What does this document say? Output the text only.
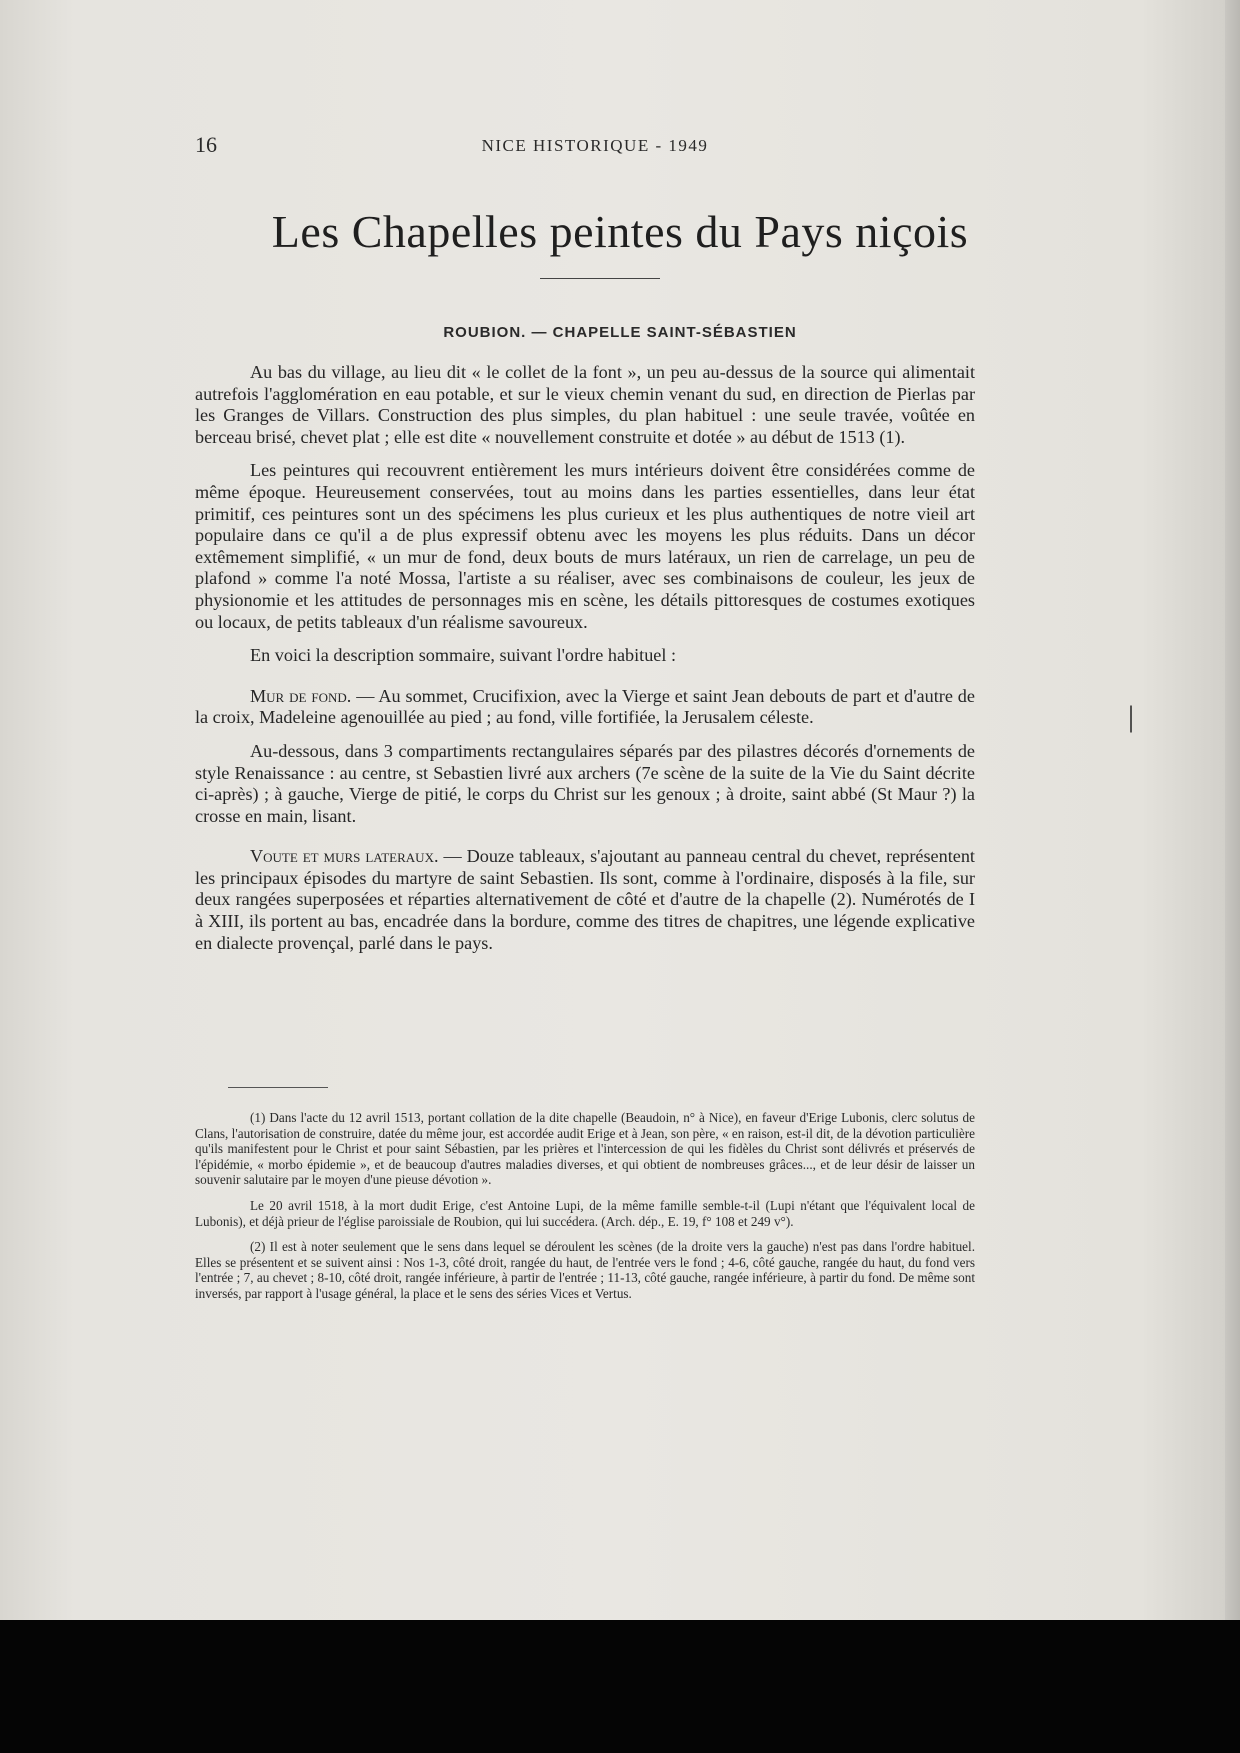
16	NICE HISTORIQUE - 1949
Les Chapelles peintes du Pays niçois
ROUBION. — CHAPELLE SAINT-SÉBASTIEN

Au bas du village, au lieu dit « le collet de la font », un peu au-dessus de la source qui alimentait autrefois l'agglomération en eau potable, et sur le vieux chemin venant du sud, en direction de Pierlas par les Granges de Villars. Construction des plus simples, du plan habituel : une seule travée, voûtée en berceau brisé, chevet plat ; elle est dite « nouvellement construite et dotée » au début de 1513 (1).

Les peintures qui recouvrent entièrement les murs intérieurs doivent être considérées comme de même époque. Heureusement conservées, tout au moins dans les parties essentielles, dans leur état primitif, ces peintures sont un des spécimens les plus curieux et les plus authentiques de notre vieil art populaire dans ce qu'il a de plus expressif obtenu avec les moyens les plus réduits. Dans un décor extêmement simplifié, « un mur de fond, deux bouts de murs latéraux, un rien de carrelage, un peu de plafond » comme l'a noté Mossa, l'artiste a su réaliser, avec ses combinaisons de couleur, les jeux de physionomie et les attitudes de personnages mis en scène, les détails pittoresques de costumes exotiques ou locaux, de petits tableaux d'un réalisme savoureux.

En voici la description sommaire, suivant l'ordre habituel :

Mur de fond. — Au sommet, Crucifixion, avec la Vierge et saint Jean debouts de part et d'autre de la croix, Madeleine agenouillée au pied ; au fond, ville fortifiée, la Jerusalem céleste.

Au-dessous, dans 3 compartiments rectangulaires séparés par des pilastres décorés d'ornements de style Renaissance : au centre, st Sebastien livré aux archers (7e scène de la suite de la Vie du Saint décrite ci-après) ; à gauche, Vierge de pitié, le corps du Christ sur les genoux ; à droite, saint abbé (St Maur ?) la crosse en main, lisant.

Voute et murs lateraux. — Douze tableaux, s'ajoutant au panneau central du chevet, représentent les principaux épisodes du martyre de saint Sebastien. Ils sont, comme à l'ordinaire, disposés à la file, sur deux rangées superposées et réparties alternativement de côté et d'autre de la chapelle (2). Numérotés de I à XIII, ils portent au bas, encadrée dans la bordure, comme des titres de chapitres, une légende explicative en dialecte provençal, parlé dans le pays.

(1) Dans l'acte du 12 avril 1513, portant collation de la dite chapelle (Beaudoin, n° à Nice), en faveur d'Erige Lubonis, clerc solutus de Clans, l'autorisation de construire, datée du même jour, est accordée audit Erige et à Jean, son père, « en raison, est-il dit, de la dévotion particulière qu'ils manifestent pour le Christ et pour saint Sébastien, par les prières et l'intercession de qui les fidèles du Christ sont délivrés et préservés de l'épidémie, « morbo épidemie », et de beaucoup d'autres maladies diverses, et qui obtient de nombreuses grâces..., et de leur désir de laisser un souvenir salutaire par le moyen d'une pieuse dévotion ».

Le 20 avril 1518, à la mort dudit Erige, c'est Antoine Lupi, de la même famille semble-t-il (Lupi n'étant que l'équivalent local de Lubonis), et déjà prieur de l'église paroissiale de Roubion, qui lui succédera. (Arch. dép., E. 19, f° 108 et 249 v°).

(2) Il est à noter seulement que le sens dans lequel se déroulent les scènes (de la droite vers la gauche) n'est pas dans l'ordre habituel. Elles se présentent et se suivent ainsi : Nos 1-3, côté droit, rangée du haut, de l'entrée vers le fond ; 4-6, côté gauche, rangée du haut, du fond vers l'entrée ; 7, au chevet ; 8-10, côté droit, rangée inférieure, à partir de l'entrée ; 11-13, côté gauche, rangée inférieure, à partir du fond. De même sont inversés, par rapport à l'usage général, la place et le sens des séries Vices et Vertus.

|
